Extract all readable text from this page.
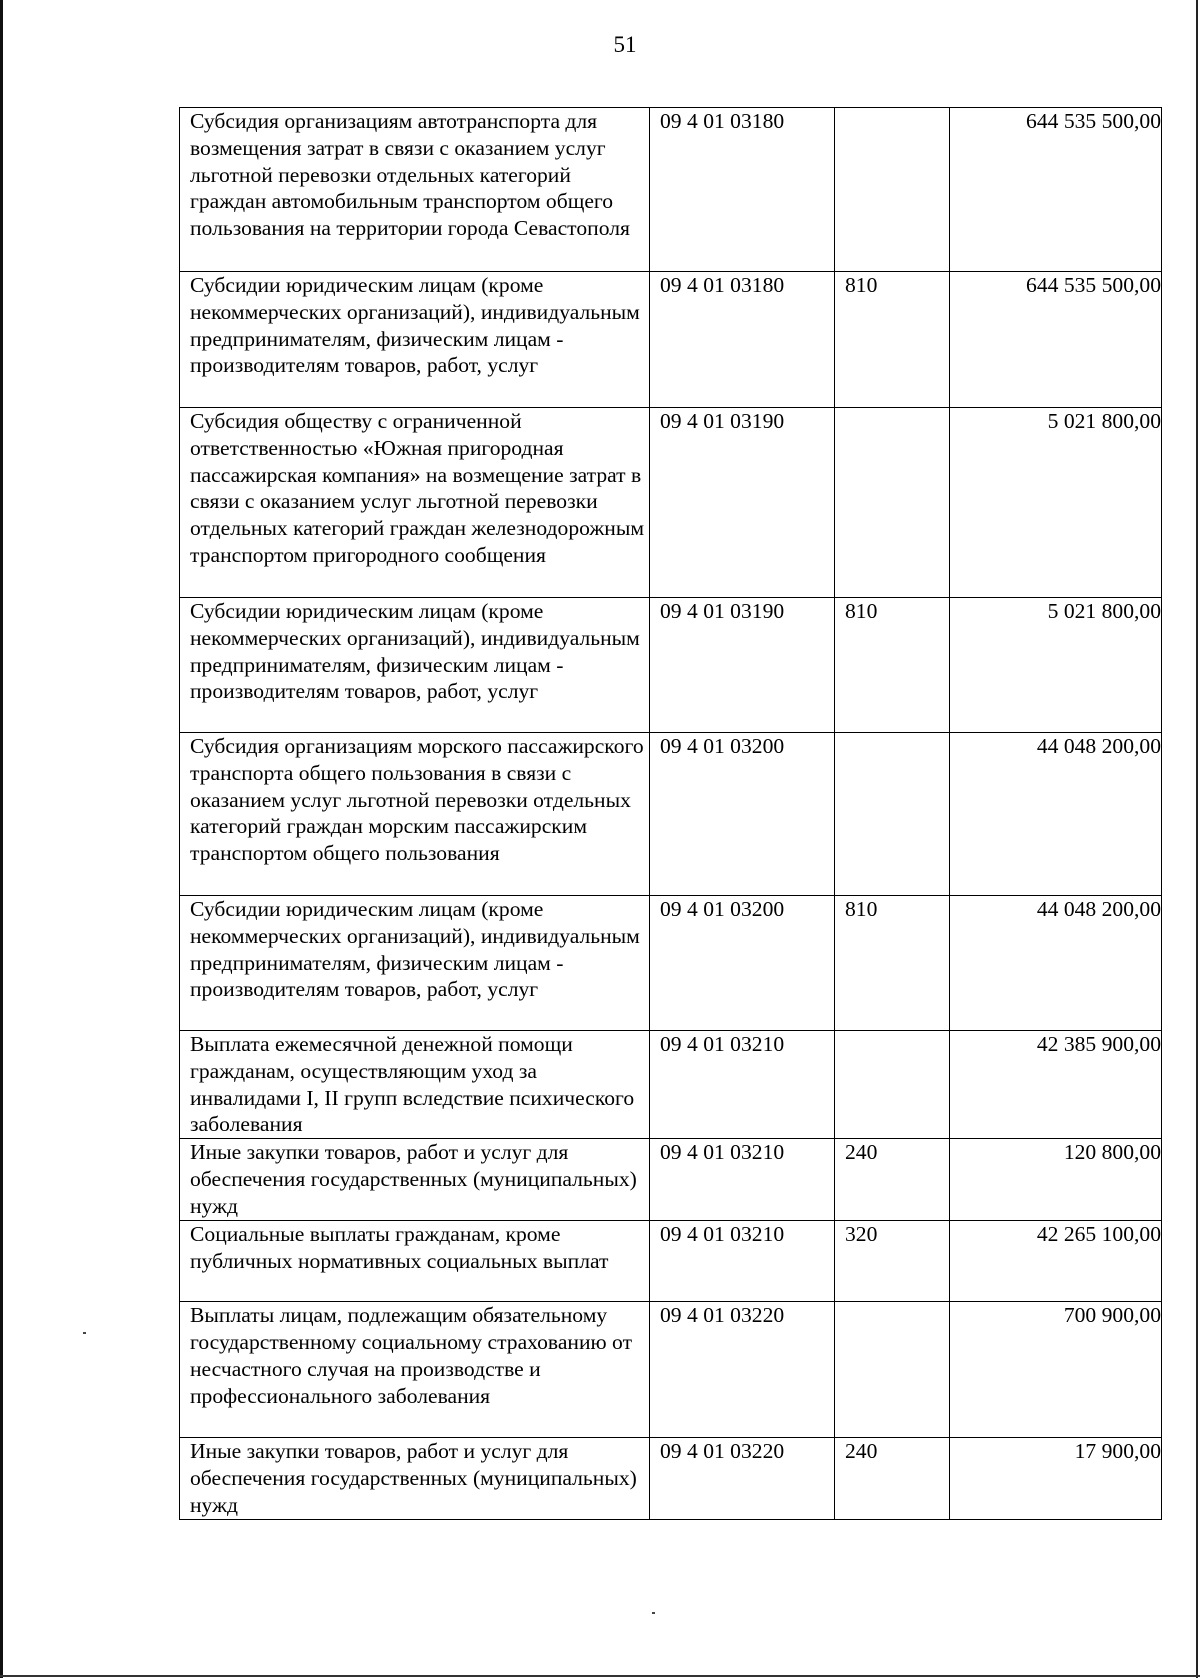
51
Субсидия организациям автотранспорта для возмещения затрат в связи с оказанием услуг льготной перевозки отдельных категорий граждан автомобильным транспортом общего пользования на территории города Севастополя	09 4 01 03180		644 535 500,00
Субсидии юридическим лицам (кроме некоммерческих организаций), индивидуальным предпринимателям, физическим лицам - производителям товаров, работ, услуг	09 4 01 03180	810	644 535 500,00
Субсидия обществу с ограниченной ответственностью «Южная пригородная пассажирская компания» на возмещение затрат в связи с оказанием услуг льготной перевозки отдельных категорий граждан железнодорожным транспортом пригородного сообщения	09 4 01 03190		5 021 800,00
Субсидии юридическим лицам (кроме некоммерческих организаций), индивидуальным предпринимателям, физическим лицам - производителям товаров, работ, услуг	09 4 01 03190	810	5 021 800,00
Субсидия организациям морского пассажирского транспорта общего пользования в связи с оказанием услуг льготной перевозки отдельных категорий граждан морским пассажирским транспортом общего пользования	09 4 01 03200		44 048 200,00
Субсидии юридическим лицам (кроме некоммерческих организаций), индивидуальным предпринимателям, физическим лицам - производителям товаров, работ, услуг	09 4 01 03200	810	44 048 200,00
Выплата ежемесячной денежной помощи гражданам, осуществляющим уход за инвалидами I, II групп вследствие психического заболевания	09 4 01 03210		42 385 900,00
Иные закупки товаров, работ и услуг для обеспечения государственных (муниципальных) нужд	09 4 01 03210	240	120 800,00
Социальные выплаты гражданам, кроме публичных нормативных социальных выплат	09 4 01 03210	320	42 265 100,00
Выплаты лицам, подлежащим обязательному государственному социальному страхованию от несчастного случая на производстве и профессионального заболевания	09 4 01 03220		700 900,00
Иные закупки товаров, работ и услуг для обеспечения государственных (муниципальных) нужд	09 4 01 03220	240	17 900,00
